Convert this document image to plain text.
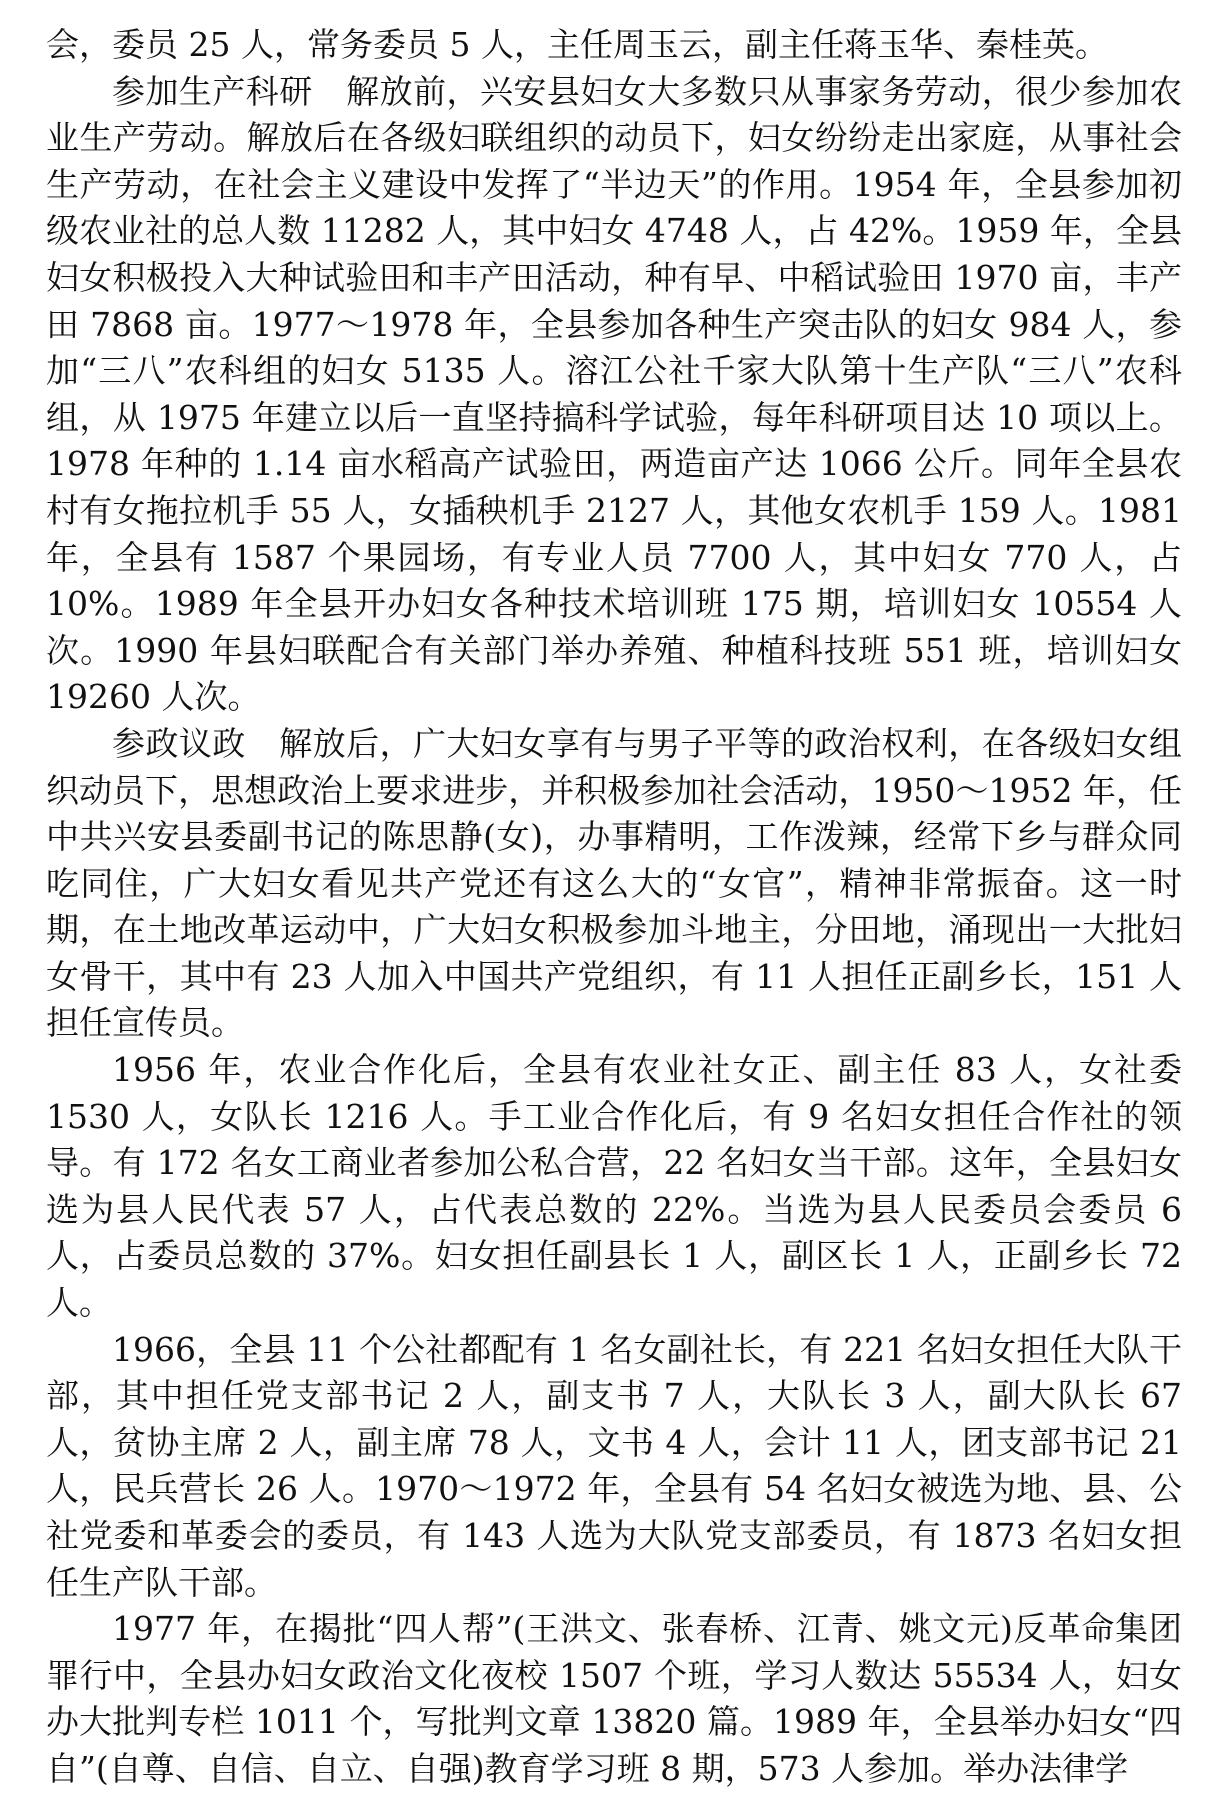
会，委员 25 人，常务委员 5 人，主任周玉云，副主任蒋玉华、秦桂英。

参加生产科研　解放前，兴安县妇女大多数只从事家务劳动，很少参加农业生产劳动。解放后在各级妇联组织的动员下，妇女纷纷走出家庭，从事社会生产劳动，在社会主义建设中发挥了“半边天”的作用。1954 年，全县参加初级农业社的总人数 11282 人，其中妇女 4748 人，占 42%。1959 年，全县妇女积极投入大种试验田和丰产田活动，种有早、中稻试验田 1970 亩，丰产田 7868 亩。1977～1978 年，全县参加各种生产突击队的妇女 984 人，参加“三八”农科组的妇女 5135 人。溶江公社千家大队第十生产队“三八”农科组，从 1975 年建立以后一直坚持搞科学试验，每年科研项目达 10 项以上。1978 年种的 1.14 亩水稻高产试验田，两造亩产达 1066 公斤。同年全县农村有女拖拉机手 55 人，女插秧机手 2127 人，其他女农机手 159 人。1981 年，全县有 1587 个果园场，有专业人员 7700 人，其中妇女 770 人，占 10%。1989 年全县开办妇女各种技术培训班 175 期，培训妇女 10554 人次。1990 年县妇联配合有关部门举办养殖、种植科技班 551 班，培训妇女 19260 人次。

参政议政　解放后，广大妇女享有与男子平等的政治权利，在各级妇女组织动员下，思想政治上要求进步，并积极参加社会活动，1950～1952 年，任中共兴安县委副书记的陈思静(女)，办事精明，工作泼辣，经常下乡与群众同吃同住，广大妇女看见共产党还有这么大的“女官”，精神非常振奋。这一时期，在土地改革运动中，广大妇女积极参加斗地主，分田地，涌现出一大批妇女骨干，其中有 23 人加入中国共产党组织，有 11 人担任正副乡长，151 人担任宣传员。

1956 年，农业合作化后，全县有农业社女正、副主任 83 人，女社委 1530 人，女队长 1216 人。手工业合作化后，有 9 名妇女担任合作社的领导。有 172 名女工商业者参加公私合营，22 名妇女当干部。这年，全县妇女选为县人民代表 57 人，占代表总数的 22%。当选为县人民委员会委员 6 人，占委员总数的 37%。妇女担任副县长 1 人，副区长 1 人，正副乡长 72 人。

1966，全县 11 个公社都配有 1 名女副社长，有 221 名妇女担任大队干部，其中担任党支部书记 2 人，副支书 7 人，大队长 3 人，副大队长 67 人，贫协主席 2 人，副主席 78 人，文书 4 人，会计 11 人，团支部书记 21 人，民兵营长 26 人。1970～1972 年，全县有 54 名妇女被选为地、县、公社党委和革委会的委员，有 143 人选为大队党支部委员，有 1873 名妇女担任生产队干部。

1977 年，在揭批“四人帮”(王洪文、张春桥、江青、姚文元)反革命集团罪行中，全县办妇女政治文化夜校 1507 个班，学习人数达 55534 人，妇女办大批判专栏 1011 个，写批判文章 13820 篇。1989 年，全县举办妇女“四自”(自尊、自信、自立、自强)教育学习班 8 期，573 人参加。举办法律学
